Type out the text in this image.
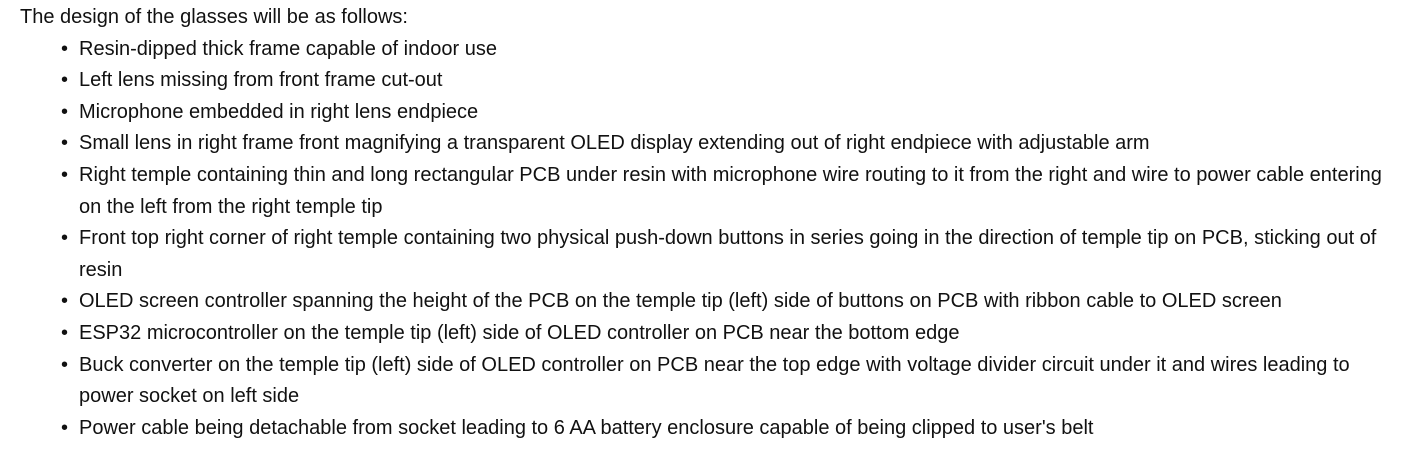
The design of the glasses will be as follows:

• Resin-dipped thick frame capable of indoor use
• Left lens missing from front frame cut-out
• Microphone embedded in right lens endpiece
• Small lens in right frame front magnifying a transparent OLED display extending out of right endpiece with adjustable arm
• Right temple containing thin and long rectangular PCB under resin with microphone wire routing to it from the right and wire to power cable entering on the left from the right temple tip
• Front top right corner of right temple containing two physical push-down buttons in series going in the direction of temple tip on PCB, sticking out of resin
• OLED screen controller spanning the height of the PCB on the temple tip (left) side of buttons on PCB with ribbon cable to OLED screen
• ESP32 microcontroller on the temple tip (left) side of OLED controller on PCB near the bottom edge
• Buck converter on the temple tip (left) side of OLED controller on PCB near the top edge with voltage divider circuit under it and wires leading to power socket on left side
• Power cable being detachable from socket leading to 6 AA battery enclosure capable of being clipped to user's belt
